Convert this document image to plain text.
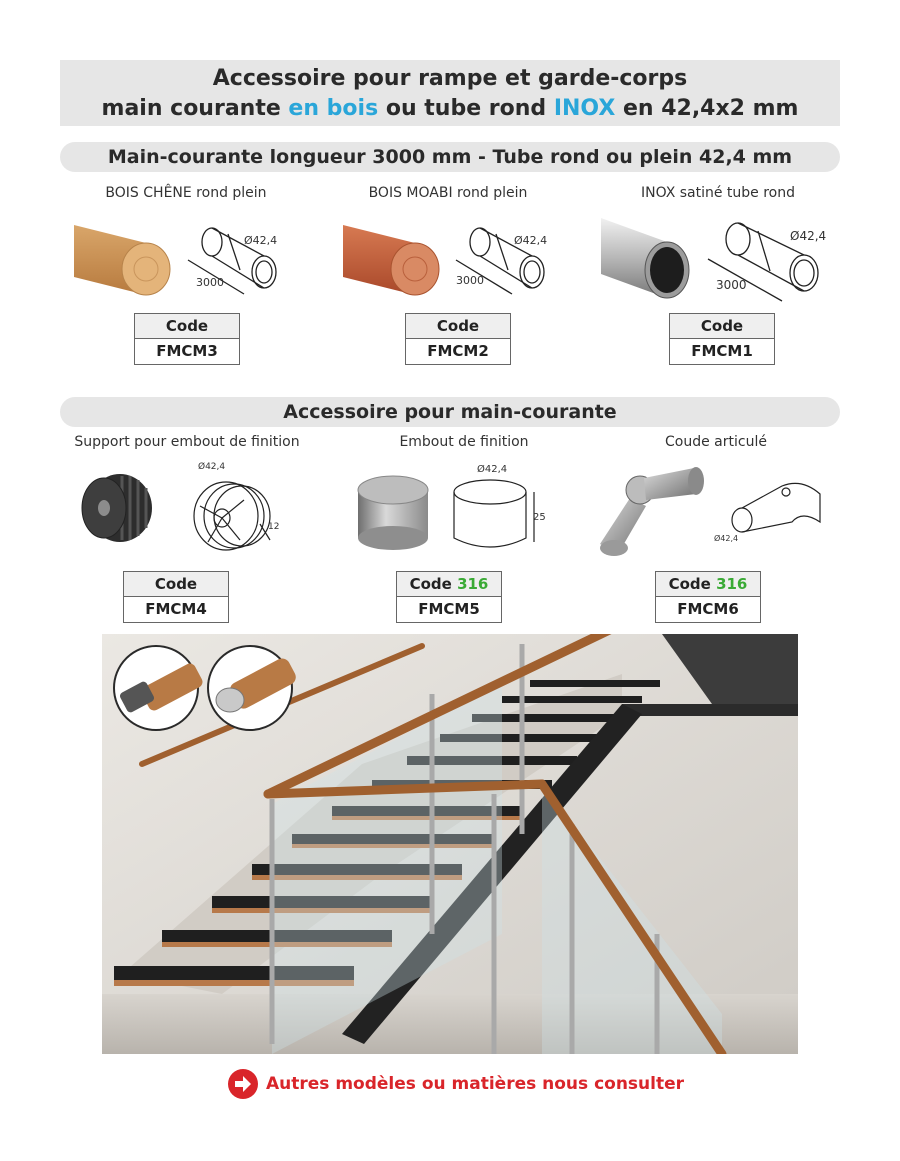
Accessoire pour rampe et garde-corps
main courante en bois ou tube rond INOX en 42,4x2 mm
Main-courante longueur 3000 mm - Tube rond ou plein 42,4 mm
BOIS CHÊNE rond plein	BOIS MOABI rond plein	INOX satiné tube rond
Ø42,4
3000
Ø42,4
3000
Ø42,4
3000
Code
FMCM3
Code
FMCM2
Code
FMCM1
Accessoire pour main-courante
Support pour embout de finition	Embout de finition	Coude articulé
Ø42,4
12
Ø42,4
25
Ø42,4
Code
FMCM4
Code 316
FMCM5
Code 316
FMCM6
Autres modèles ou matières nous consulter
